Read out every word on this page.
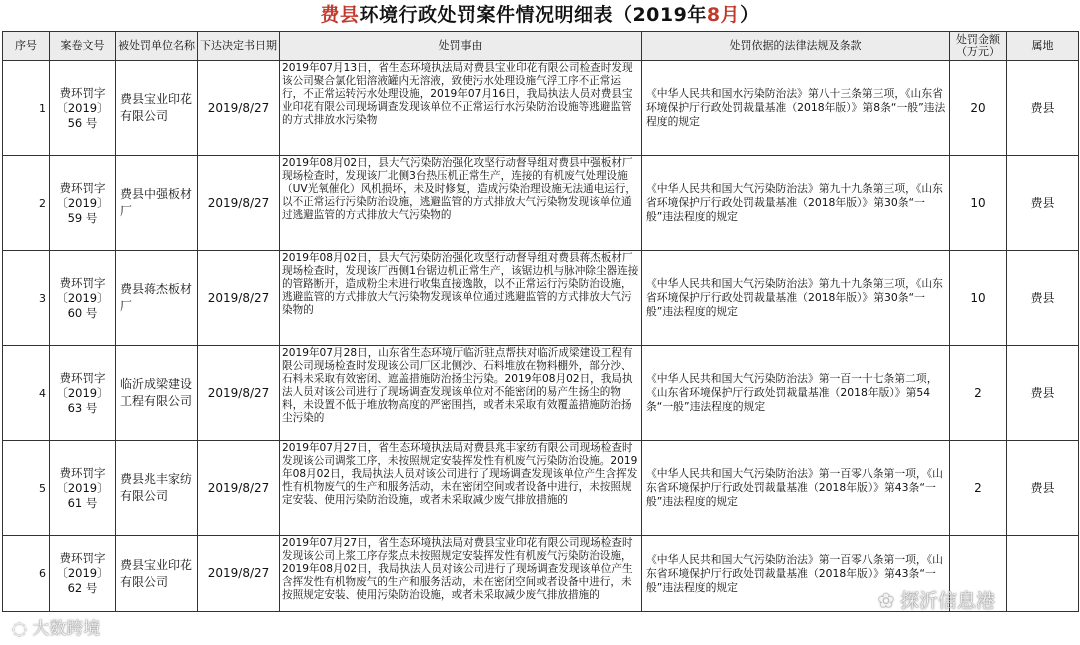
费县环境行政处罚案件情况明细表（2019年8月）
序号	案卷文号	被处罚单位名称	下达决定书日期	处罚事由	处罚依据的法律法规及条款	处罚金额（万元）	属地
1	费环罚字〔2019〕56 号	费县宝业印花有限公司	2019/8/27	2019年07月13日，省生态环境执法局对费县宝业印花有限公司检查时发现该公司聚合氯化铝溶液罐内无溶液，致使污水处理设施气浮工序不正常运行，不正常运转污水处理设施，2019年07月16日，我局执法人员对费县宝业印花有限公司现场调查发现该单位不正常运行水污染防治设施等逃避监管的方式排放水污染物	《中华人民共和国水污染防治法》第八十三条第三项，《山东省环境保护厅行政处罚裁量基准（2018年版）》第8条“一般”违法程度的规定	20	费县
2	费环罚字〔2019〕59 号	费县中强板材厂	2019/8/27	2019年08月02日，县大气污染防治强化攻坚行动督导组对费县中强板材厂现场检查时，发现该厂北侧3台热压机正常生产，连接的有机废气处理设施（UV光氧催化）风机损坏，未及时修复，造成污染治理设施无法通电运行，以不正常运行污染防治设施，逃避监管的方式排放大气污染物发现该单位通过逃避监管的方式排放大气污染物的	《中华人民共和国大气污染防治法》第九十九条第三项，《山东省环境保护厅行政处罚裁量基准（2018年版）》第30条“一般”违法程度的规定	10	费县
3	费环罚字〔2019〕60 号	费县蒋杰板材厂	2019/8/27	2019年08月02日，县大气污染防治强化攻坚行动督导组对费县蒋杰板材厂现场检查时，发现该厂西侧1台锯边机正常生产，该锯边机与脉冲除尘器连接的管路断开，造成粉尘未进行收集直接逸散，以不正常运行污染防治设施，逃避监管的方式排放大气污染物发现该单位通过逃避监管的方式排放大气污染物的	《中华人民共和国大气污染防治法》第九十九条第三项，《山东省环境保护厅行政处罚裁量基准（2018年版）》第30条“一般”违法程度的规定	10	费县
4	费环罚字〔2019〕63 号	临沂成梁建设工程有限公司	2019/8/27	2019年07月28日，山东省生态环境厅临沂驻点帮扶对临沂成梁建设工程有限公司现场检查时发现该公司厂区北侧沙、石料堆放在物料棚外，部分沙、石料未采取有效密闭、遮盖措施防治扬尘污染。2019年08月02日，我局执法人员对该公司进行了现场调查发现该单位对不能密闭的易产生扬尘的物料，未设置不低于堆放物高度的严密围挡，或者未采取有效覆盖措施防治扬尘污染的	《中华人民共和国大气污染防治法》第一百一十七条第二项，《山东省环境保护厅行政处罚裁量基准（2018年版）》第54条“一般”违法程度的规定	2	费县
5	费环罚字〔2019〕61 号	费县兆丰家纺有限公司	2019/8/27	2019年07月27日，省生态环境执法局对费县兆丰家纺有限公司现场检查时发现该公司调浆工序，未按照规定安装挥发性有机废气污染防治设施。2019年08月02日，我局执法人员对该公司进行了现场调查发现该单位产生含挥发性有机物废气的生产和服务活动，未在密闭空间或者设备中进行，未按照规定安装、使用污染防治设施，或者未采取减少废气排放措施的	《中华人民共和国大气污染防治法》第一百零八条第一项，《山东省环境保护厅行政处罚裁量基准（2018年版）》第43条“一般”违法程度的规定	2	费县
6	费环罚字〔2019〕62 号	费县宝业印花有限公司	2019/8/27	2019年07月27日，省生态环境执法局对费县宝业印花有限公司现场检查时发现该公司上浆工序存浆点未按照规定安装挥发性有机废气污染防治设施，2019年08月02日，我局执法人员对该公司进行了现场调查发现该单位产生含挥发性有机物废气的生产和服务活动，未在密闭空间或者设备中进行，未按照规定安装、使用污染防治设施，或者未采取减少废气排放措施的	《中华人民共和国大气污染防治法》第一百零八条第一项，《山东省环境保护厅行政处罚裁量基准（2018年版）》第43条“一般”违法程度的规定		
◌ 大数跨境
✿ 探沂信息港
